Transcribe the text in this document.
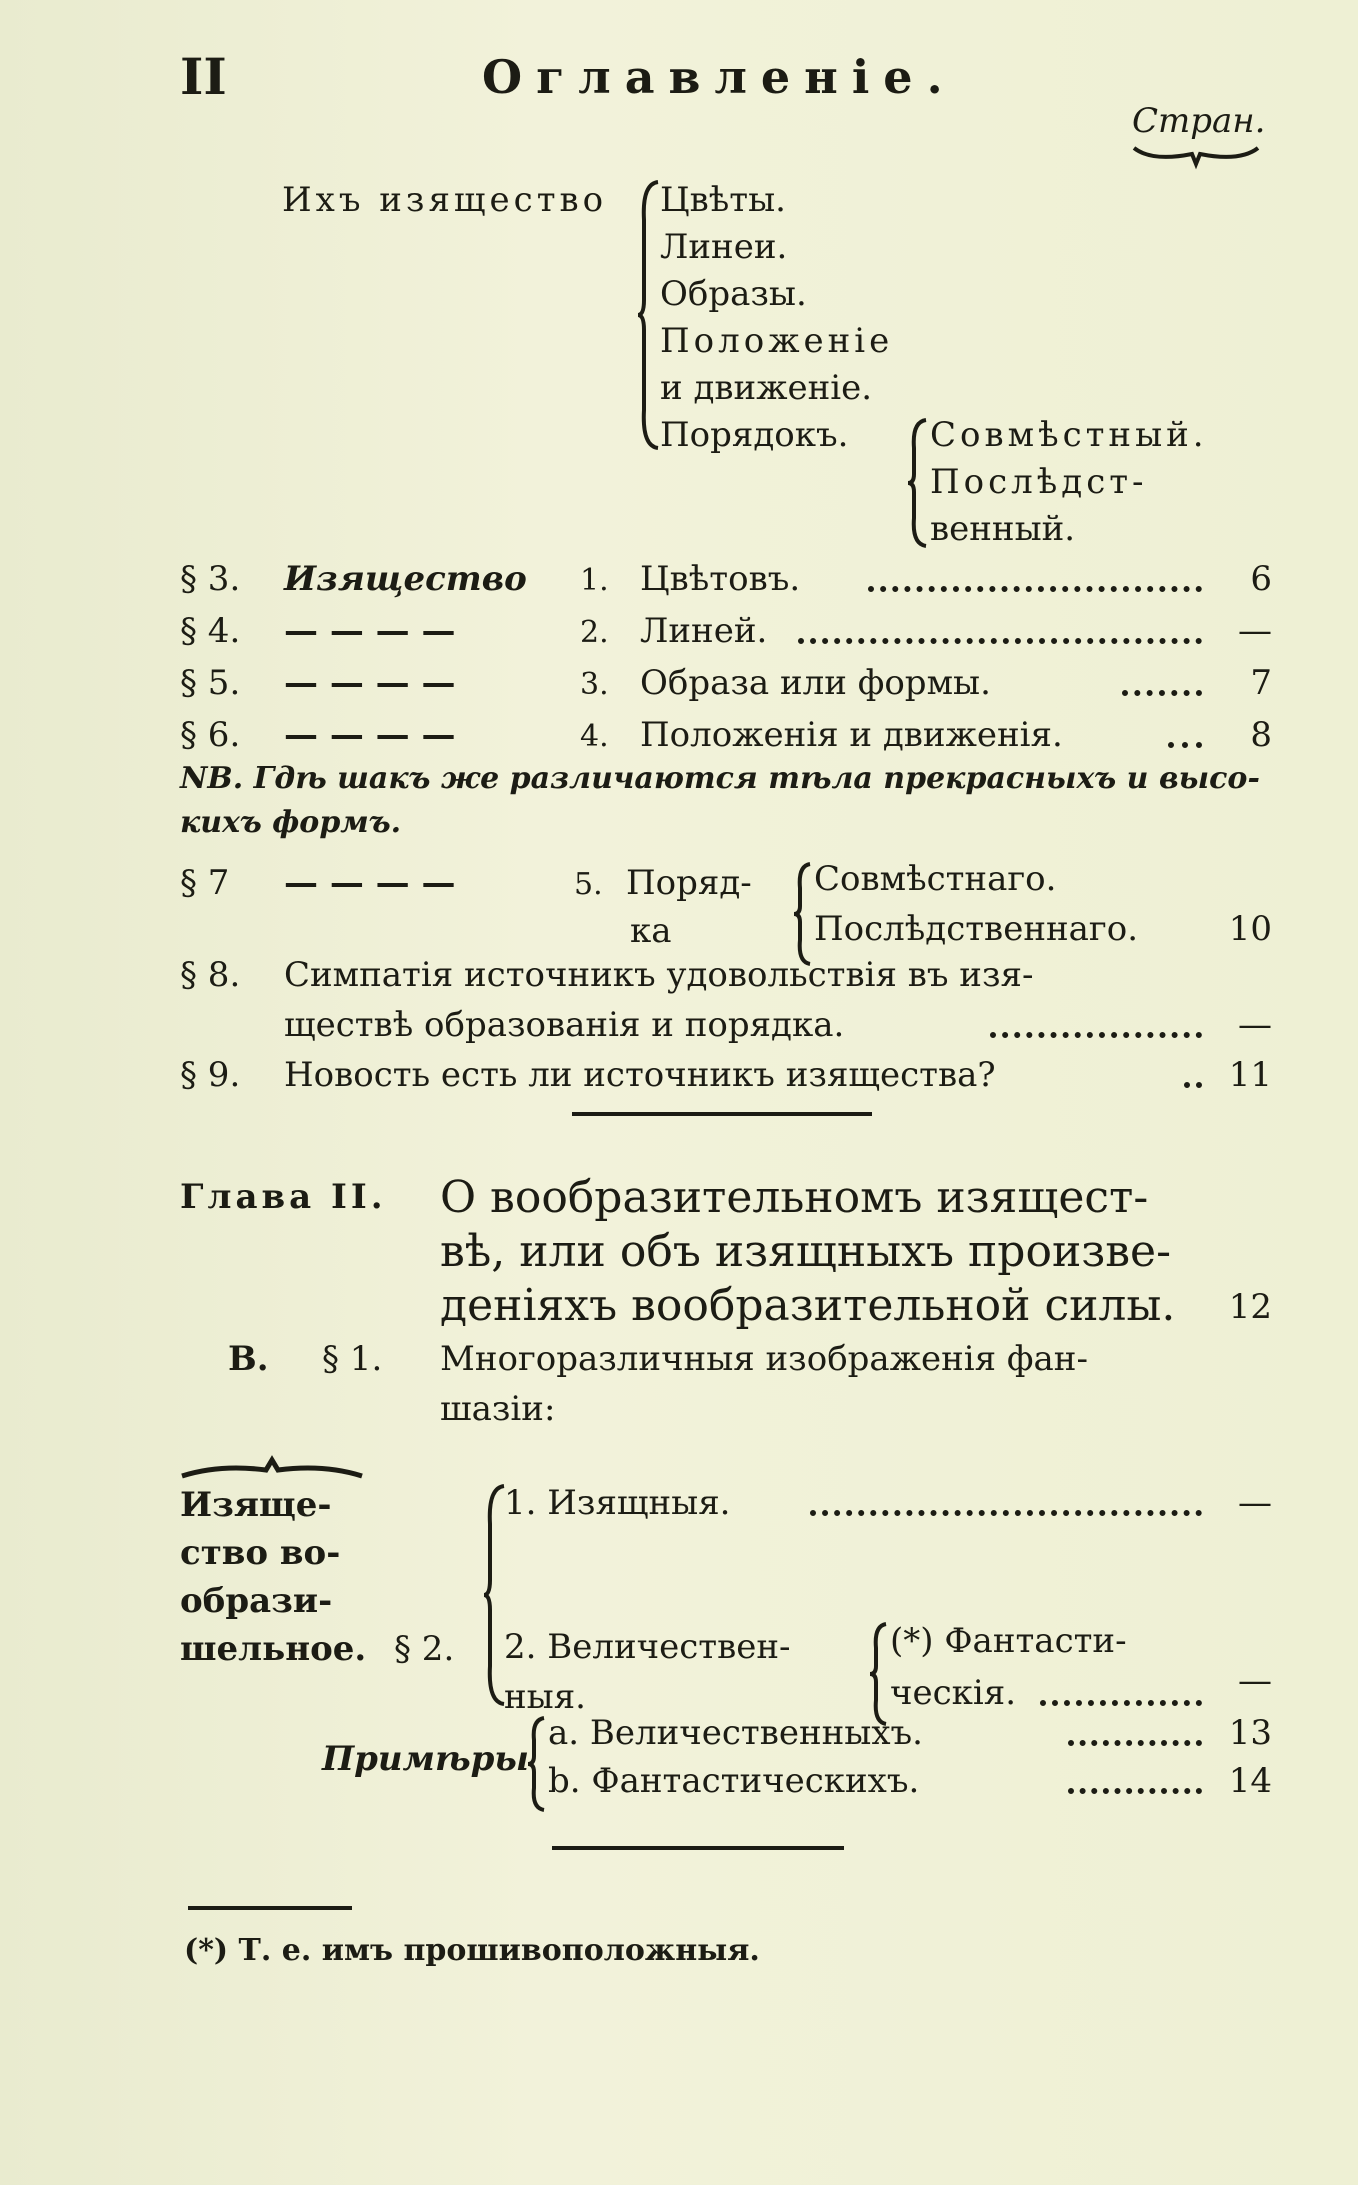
II	Оглавленіе.
Стран.
Ихъ изящество Цвѣты.
Линеи.
Образы.
Положеніе
и движеніе.
Порядокъ. Совмѣстный.
Послѣдст-
венный.
§ 3. Изящество 1. Цвѣтовъ.	6
§ 4. — — — —	2. Линей.	—
§ 5. — — — —	3. Образа или формы.	7
§ 6. — — — —	4. Положенія и движенія.	8
NB. Гдѣ шакъ же различаются тѣла прекрасныхъ и высо-
кихъ формъ.
§ 7 — — — —	5. Поряд-
ка
Совмѣстнаго.
Послѣдственнаго.	10
§ 8. Симпатія источникъ удовольствія въ изя-
ществѣ образованія и порядка.	—
§ 9. Новость есть ли источникъ изящества?	11
Глава II. О вообразительномъ изящест-
вѣ, или объ изящныхъ произве-
деніяхъ вообразительной силы.	12
В. § 1. Многоразличныя изображенія фан-
шазіи:
Изяще-
ство во-
образи-
шельное. § 2.
1. Изящныя.	—
2. Величествен-
ныя.
(*) Фантасти-
ческія.	—
Примѣры
a. Величественныхъ.	13
b. Фантастическихъ.	14
(*) Т. е. имъ прошивоположныя.
